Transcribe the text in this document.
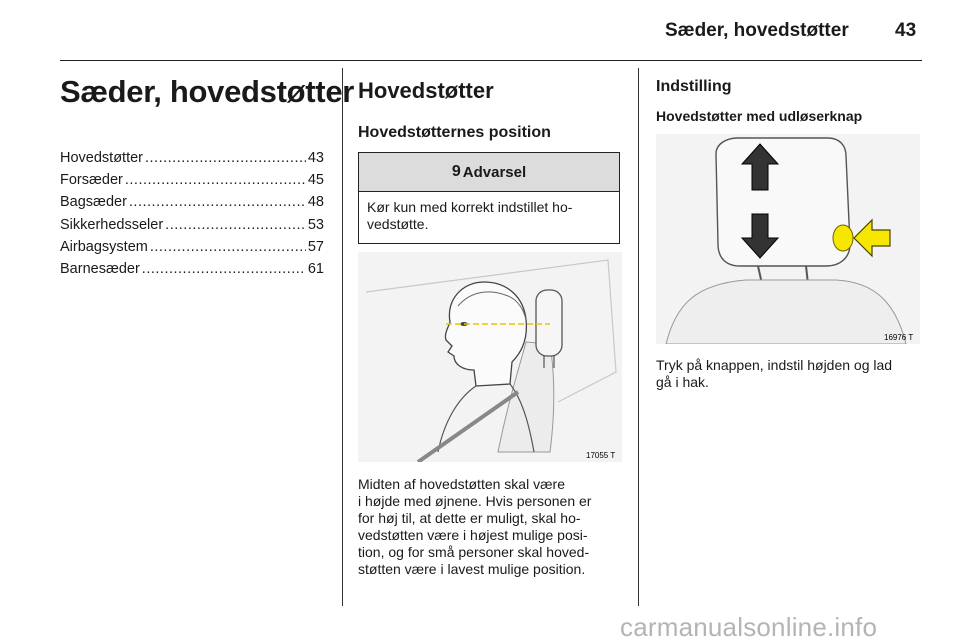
Sæder, hovedstøtter 43
Sæder, hovedstøtter
Hovedstøtter .....	43
Forsæder .....	45
Bagsæder .....	48
Sikkerhedsseler .....	53
Airbagsystem .....	57
Barnesæder .....	61
Hovedstøtter
Hovedstøtternes position
9 Advarsel
Kør kun med korrekt indstillet ho-
vedstøtte.
17055 T
Midten af hovedstøtten skal være
i højde med øjnene. Hvis personen er
for høj til, at dette er muligt, skal ho-
vedstøtten være i højest mulige posi-
tion, og for små personer skal hoved-
støtten være i lavest mulige position.
Indstilling
Hovedstøtter med udløserknap
16976 T
Tryk på knappen, indstil højden og lad
gå i hak.
carmanualsonline.info
